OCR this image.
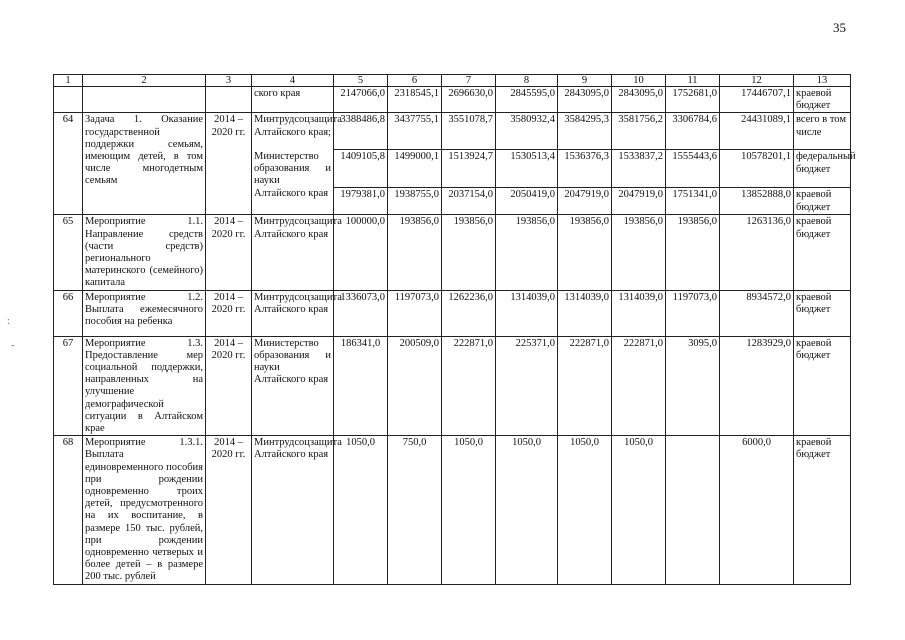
35
:
-
1	2	3	4	5	6	7	8	9	10	11	12	13
			ского края	2147066,0	2318545,1	2696630,0	2845595,0	2843095,0	2843095,0	1752681,0	17446707,1	краевой бюджет
64	Задача 1. Оказание государственной поддержки семьям, имеющим детей, в том числе многодетным семьям	2014 – 2020 гг.	Минтрудсоцзащита Алтайского края;	3388486,8	3437755,1	3551078,7	3580932,4	3584295,3	3581756,2	3306784,6	24431089,1	всего в том числе
			Министерство образования и науки Алтайского края	1409105,8	1499000,1	1513924,7	1530513,4	1536376,3	1533837,2	1555443,6	10578201,1	федеральный бюджет
				1979381,0	1938755,0	2037154,0	2050419,0	2047919,0	2047919,0	1751341,0	13852888,0	краевой бюджет
65	Мероприятие 1.1. Направление средств (части средств) регионального материнского (семейного) капитала	2014 – 2020 гг.	Минтрудсоцзащита Алтайского края	100000,0	193856,0	193856,0	193856,0	193856,0	193856,0	193856,0	1263136,0	краевой бюджет
66	Мероприятие 1.2. Выплата ежемесячного пособия на ребенка	2014 – 2020 гг.	Минтрудсоцзащита Алтайского края	1336073,0	1197073,0	1262236,0	1314039,0	1314039,0	1314039,0	1197073,0	8934572,0	краевой бюджет
67	Мероприятие 1.3. Предоставление мер социальной поддержки, направленных на улучшение демографической ситуации в Алтайском крае	2014 – 2020 гг.	Министерство образования и науки Алтайского края	186341,0	200509,0	222871,0	225371,0	222871,0	222871,0	3095,0	1283929,0	краевой бюджет
68	Мероприятие 1.3.1. Выплата единовременного пособия при рождении одновременно троих детей, предусмотренного на их воспитание, в размере 150 тыс. рублей, при рождении одновременно четверых и более детей – в размере 200 тыс. рублей	2014 – 2020 гг.	Минтрудсоцзащита Алтайского края	1050,0	750,0	1050,0	1050,0	1050,0	1050,0		6000,0	краевой бюджет
